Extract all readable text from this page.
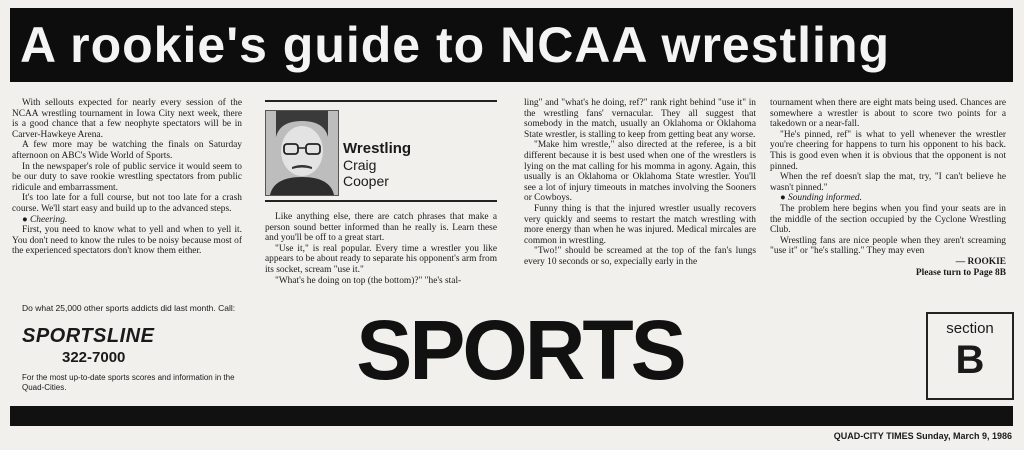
A rookie's guide to NCAA wrestling

With sellouts expected for nearly every session of the NCAA wrestling tournament in Iowa City next week, there is a good chance that a few neophyte spectators will be in Carver-Hawkeye Arena.

A few more may be watching the finals on Saturday afternoon on ABC's Wide World of Sports.

In the newspaper's role of public service it would seem to be our duty to save rookie wrestling spectators from public ridicule and embarrassment.

It's too late for a full course, but not too late for a crash course. We'll start easy and build up to the advanced steps.

● Cheering.

First, you need to know what to yell and when to yell it. You don't need to know the rules to be noisy because most of the experienced spectators don't know them either.

Wrestling
Craig
Cooper

Like anything else, there are catch phrases that make a person sound better informed than he really is. Learn these and you'll be off to a great start.

"Use it," is real popular. Every time a wrestler you like appears to be about ready to separate his opponent's arm from its socket, scream "use it."

"What's he doing on top (the bottom)?" "he's stal-

ling" and "what's he doing, ref?" rank right behind "use it" in the wrestling fans' vernacular. They all suggest that somebody in the match, usually an Oklahoma or Oklahoma State wrestler, is stalling to keep from getting beat any worse.

"Make him wrestle," also directed at the referee, is a bit different because it is best used when one of the wrestlers is lying on the mat calling for his momma in agony. Again, this usually is an Oklahoma or Oklahoma State wrestler. You'll see a lot of injury timeouts in matches involving the Sooners or Cowboys.

Funny thing is that the injured wrestler usually recovers very quickly and seems to restart the match wrestling with more energy than when he was injured. Medical mircales are common in wrestling.

"Two!" should be screamed at the top of the fan's lungs every 10 seconds or so, expecially early in the

tournament when there are eight mats being used. Chances are somewhere a wrestler is about to score two points for a takedown or a near-fall.

"He's pinned, ref" is what to yell whenever the wrestler you're cheering for happens to turn his opponent to his back. This is good even when it is obvious that the opponent is not pinned.

When the ref doesn't slap the mat, try, "I can't believe he wasn't pinned."

● Sounding informed.

The problem here begins when you find your seats are in the middle of the section occupied by the Cyclone Wrestling Club.

Wrestling fans are nice people when they aren't screaming "use it" or "he's stalling." They may even

— ROOKIE
Please turn to Page 8B
Do what 25,000 other sports addicts did last month. Call:
SPORTSLINE
322-7000
For the most up-to-date sports scores and information in the Quad-Cities.	SPORTS	section
B
QUAD-CITY TIMES Sunday, March 9, 1986
